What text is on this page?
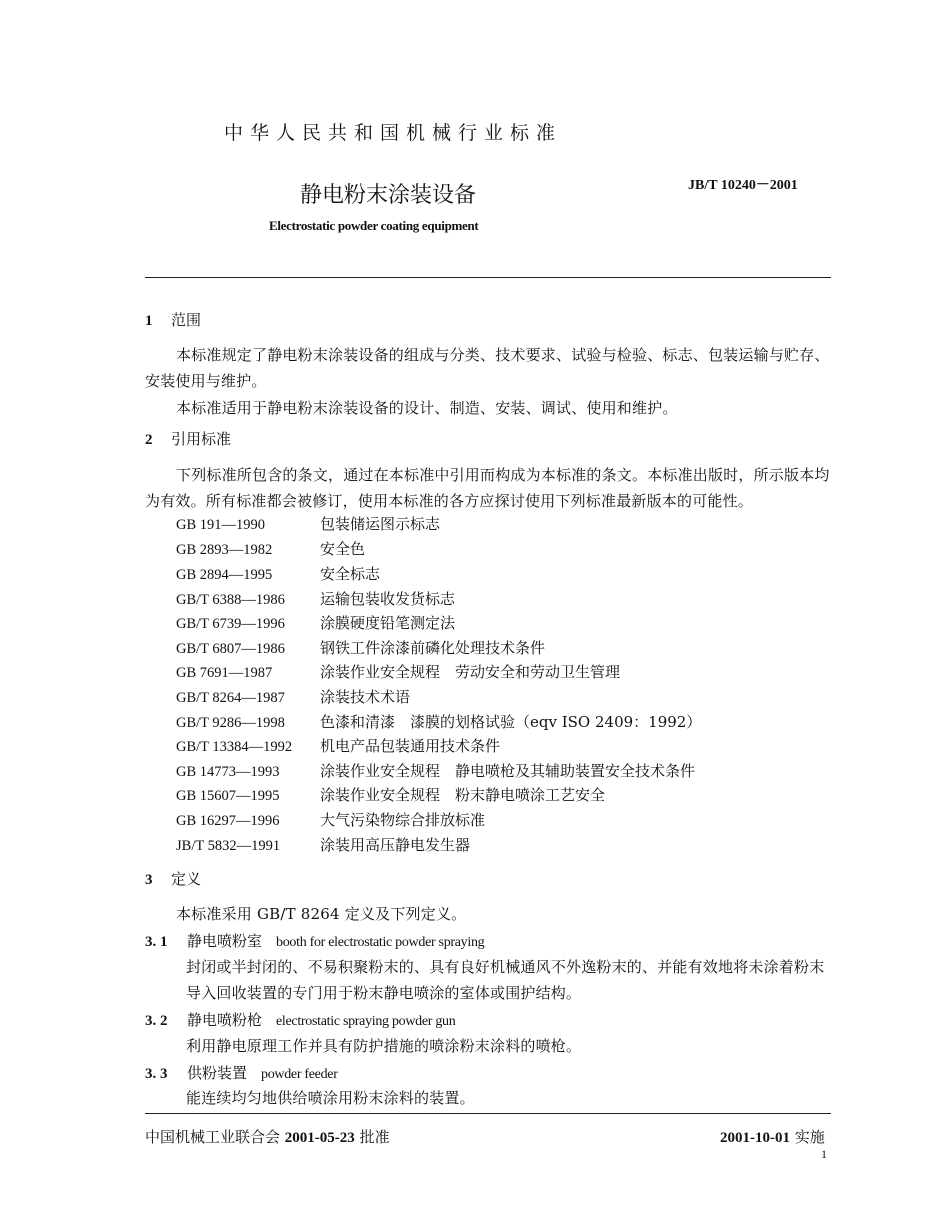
中华人民共和国机械行业标准
JB/T 10240－2001
静电粉末涂装设备
Electrostatic powder coating equipment
1 范围
本标准规定了静电粉末涂装设备的组成与分类、技术要求、试验与检验、标志、包装运输与贮存、安装使用与维护。
本标准适用于静电粉末涂装设备的设计、制造、安装、调试、使用和维护。
2 引用标准
下列标准所包含的条文，通过在本标准中引用而构成为本标准的条文。本标准出版时，所示版本均为有效。所有标准都会被修订，使用本标准的各方应探讨使用下列标准最新版本的可能性。
GB 191—1990	包装储运图示标志
GB 2893—1982	安全色
GB 2894—1995	安全标志
GB/T 6388—1986 运输包装收发货标志
GB/T 6739—1996 涂膜硬度铅笔测定法
GB/T 6807—1986 钢铁工件涂漆前磷化处理技术条件
GB 7691—1987	涂装作业安全规程　劳动安全和劳动卫生管理
GB/T 8264—1987 涂装技术术语
GB/T 9286—1998 色漆和清漆　漆膜的划格试验（eqv ISO 2409：1992）
GB/T 13384—1992 机电产品包装通用技术条件
GB 14773—1993	涂装作业安全规程　静电喷枪及其辅助装置安全技术条件
GB 15607—1995	涂装作业安全规程　粉末静电喷涂工艺安全
GB 16297—1996	大气污染物综合排放标准
JB/T 5832—1991	涂装用高压静电发生器
3 定义
本标准采用 GB/T 8264 定义及下列定义。
3. 1 静电喷粉室 booth for electrostatic powder spraying
封闭或半封闭的、不易积聚粉末的、具有良好机械通风不外逸粉末的、并能有效地将未涂着粉末导入回收装置的专门用于粉末静电喷涂的室体或围护结构。
3. 2 静电喷粉枪 electrostatic spraying powder gun
利用静电原理工作并具有防护措施的喷涂粉末涂料的喷枪。
3. 3 供粉装置 powder feeder
能连续均匀地供给喷涂用粉末涂料的装置。
中国机械工业联合会 2001-05-23 批准	2001-10-01 实施
1
